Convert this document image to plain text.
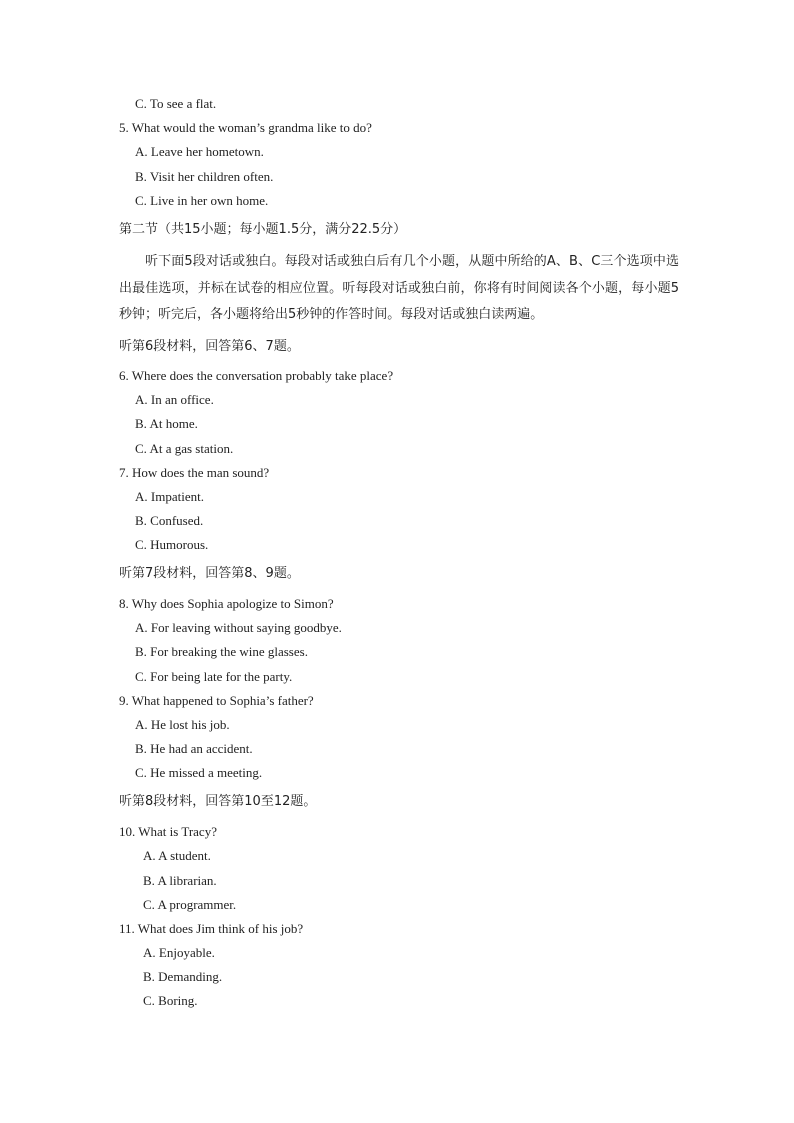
C. To see a flat.
5. What would the woman’s grandma like to do?
A. Leave her hometown.
B. Visit her children often.
C. Live in her own home.
第二节（共15小题；每小题1.5分，满分22.5分）
听下面5段对话或独白。每段对话或独白后有几个小题，从题中所给的A、B、C三个选项中选出最佳选项，并标在试卷的相应位置。听每段对话或独白前，你将有时间阅读各个小题，每小题5秒钟；听完后，各小题将给出5秒钟的作答时间。每段对话或独白读两遍。
听第6段材料，回答第6、7题。
6. Where does the conversation probably take place?
A. In an office.
B. At home.
C. At a gas station.
7. How does the man sound?
A. Impatient.
B. Confused.
C. Humorous.
听第7段材料，回答第8、9题。
8. Why does Sophia apologize to Simon?
A. For leaving without saying goodbye.
B. For breaking the wine glasses.
C. For being late for the party.
9. What happened to Sophia’s father?
A. He lost his job.
B. He had an accident.
C. He missed a meeting.
听第8段材料，回答第10至12题。
10. What is Tracy?
A. A student.
B. A librarian.
C. A programmer.
11. What does Jim think of his job?
A. Enjoyable.
B. Demanding.
C. Boring.
